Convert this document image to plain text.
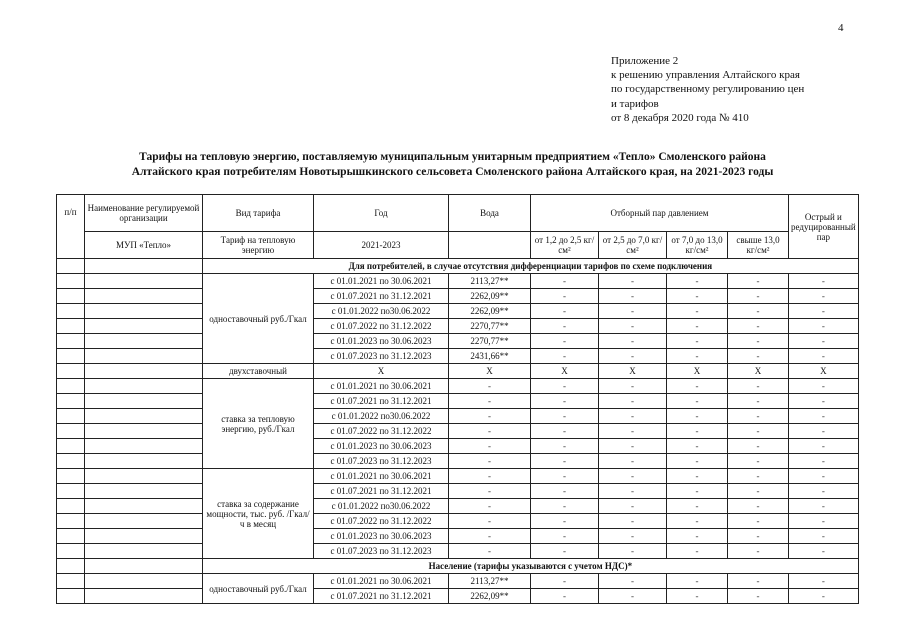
4
Приложение 2
к решению управления Алтайского края
по государственному регулированию цен
и тарифов
от 8 декабря 2020 года № 410
Тарифы на тепловую энергию, поставляемую муниципальным унитарным предприятием «Тепло» Смоленского района
Алтайского края потребителям Новотырышкинского сельсовета Смоленского района Алтайского края, на 2021-2023 годы
п/п	Наименование регулируемой организации	Вид тарифа	Год	Вода	Отборный пар давлением				Острый и редуцированный пар
	МУП «Тепло»	Тариф на тепловую энергию	2021-2023		от 1,2 до 2,5 кг/см²	от 2,5 до 7,0 кг/см²	от 7,0 до 13,0 кг/см²	свыше 13,0 кг/см²	
		Для потребителей, в случае отсутствия дифференциации тарифов по схеме подключения							
		одноставочный руб./Гкал	с 01.01.2021 по 30.06.2021	2113,27**	-	-	-	-	-
			с 01.07.2021 по 31.12.2021	2262,09**	-	-	-	-	-
			с 01.01.2022 по30.06.2022	2262,09**	-	-	-	-	-
			с 01.07.2022 по 31.12.2022	2270,77**	-	-	-	-	-
			с 01.01.2023 по 30.06.2023	2270,77**	-	-	-	-	-
			с 01.07.2023 по 31.12.2023	2431,66**	-	-	-	-	-
		двухставочный	X	X	X	X	X	X	X
		ставка за тепловую энергию, руб./Гкал	с 01.01.2021 по 30.06.2021	-	-	-	-	-	-
			с 01.07.2021 по 31.12.2021	-	-	-	-	-	-
			с 01.01.2022 по30.06.2022	-	-	-	-	-	-
			с 01.07.2022 по 31.12.2022	-	-	-	-	-	-
			с 01.01.2023 по 30.06.2023	-	-	-	-	-	-
			с 01.07.2023 по 31.12.2023	-	-	-	-	-	-
		ставка за содержание мощности, тыс. руб. /Гкал/ч в месяц	с 01.01.2021 по 30.06.2021	-	-	-	-	-	-
			с 01.07.2021 по 31.12.2021	-	-	-	-	-	-
			с 01.01.2022 по30.06.2022	-	-	-	-	-	-
			с 01.07.2022 по 31.12.2022	-	-	-	-	-	-
			с 01.01.2023 по 30.06.2023	-	-	-	-	-	-
			с 01.07.2023 по 31.12.2023	-	-	-	-	-	-
		Население (тарифы указываются с учетом НДС)*							
		одноставочный руб./Гкал	с 01.01.2021 по 30.06.2021	2113,27**	-	-	-	-	-
			с 01.07.2021 по 31.12.2021	2262,09**	-	-	-	-	-
